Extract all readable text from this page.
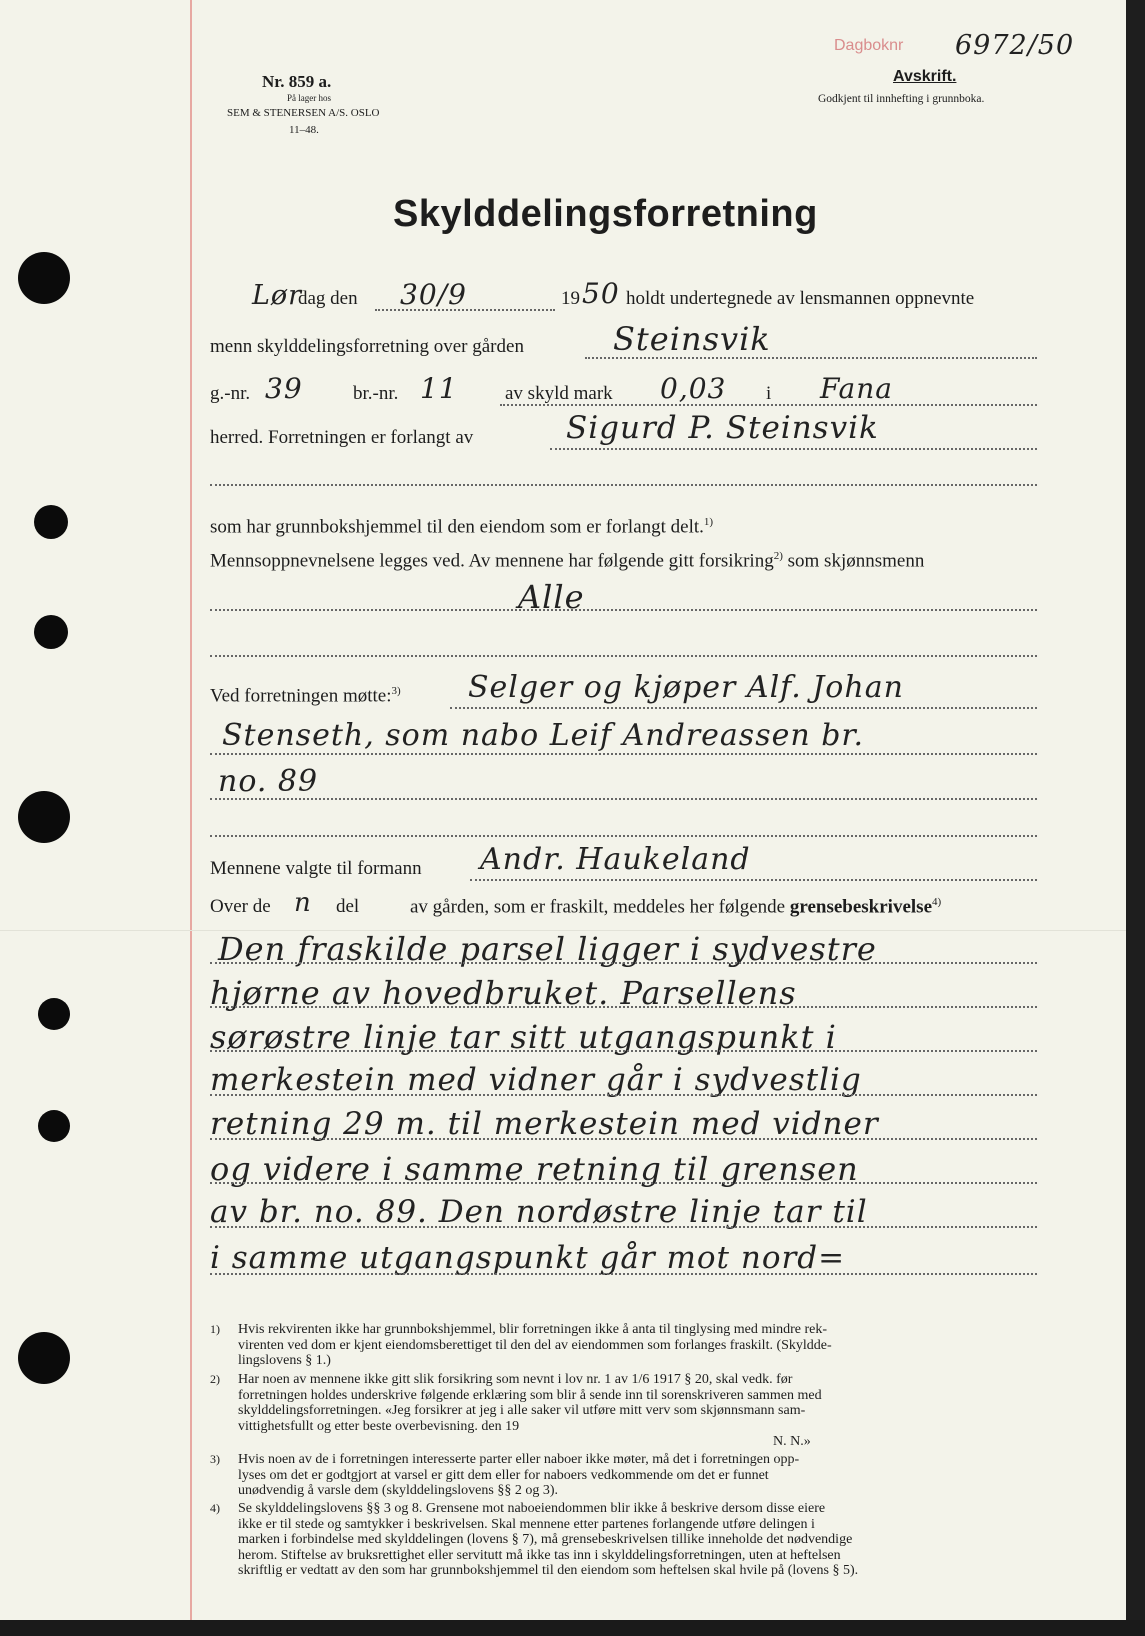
Nr. 859 a.
På lager hos
SEM & STENERSEN A/S. OSLO
11–48.
Dagboknr 6972/50
Avskrift.
Godkjent til innhefting i grunnboka.
Skylddelingsforretning
Lør
dag den 30/9	19 50 holdt undertegnede av lensmannen oppnevnte
menn skylddelingsforretning over gården	Steinsvik
g.-nr. 39	br.-nr. 11 av skyld mark 0,03 i Fana
herred. Forretningen er forlangt av	Sigurd P. Steinsvik
som har grunnbokshjemmel til den eiendom som er forlangt delt.$^{1)}$
Mennsoppnevnelsene legges ved. Av mennene har følgende gitt forsikring$^{2)}$ som skjønnsmenn
Alle
Ved forretningen møtte:$^{3)}$ Selger og kjøper Alf. Johan
Stenseth, som nabo Leif Andreassen br.
no. 89
Mennene valgte til formann Andr. Haukeland
Over de n del	av gården, som er fraskilt, meddeles her følgende grensebeskrivelse$^{4)}$
Den fraskilde parsel ligger i sydvestre
hjørne av hovedbruket. Parsellens
sørøstre linje tar sitt utgangspunkt i
merkestein med vidner går i sydvestlig
retning 29 m. til merkestein med vidner
og videre i samme retning til grensen
av br. no. 89. Den nordøstre linje tar til
i samme utgangspunkt går mot nord=
1) Hvis rekvirenten ikke har grunnbokshjemmel, blir forretningen ikke å anta til tinglysing med mindre rek-
virenten ved dom er kjent eiendomsberettiget til den del av eiendommen som forlanges fraskilt. (Skyldde-
lingslovens § 1.)
2) Har noen av mennene ikke gitt slik forsikring som nevnt i lov nr. 1 av 1/6 1917 § 20, skal vedk. før
forretningen holdes underskrive følgende erklæring som blir å sende inn til sorenskriveren sammen med
skylddelingsforretningen. «Jeg forsikrer at jeg i alle saker vil utføre mitt verv som skjønnsmann sam-
vittighetsfullt og etter beste overbevisning. den 19
N. N.»
3) Hvis noen av de i forretningen interesserte parter eller naboer ikke møter, må det i forretningen opp-
lyses om det er godtgjort at varsel er gitt dem eller for naboers vedkommende om det er funnet
unødvendig å varsle dem (skylddelingslovens §§ 2 og 3).
4) Se skylddelingslovens §§ 3 og 8. Grensene mot naboeiendommen blir ikke å beskrive dersom disse eiere
ikke er til stede og samtykker i beskrivelsen. Skal mennene etter partenes forlangende utføre delingen i
marken i forbindelse med skylddelingen (lovens § 7), må grensebeskrivelsen tillike inneholde det nødvendige
herom. Stiftelse av bruksrettighet eller servitutt må ikke tas inn i skylddelingsforretningen, uten at heftelsen
skriftlig er vedtatt av den som har grunnbokshjemmel til den eiendom som heftelsen skal hvile på (lovens § 5).
